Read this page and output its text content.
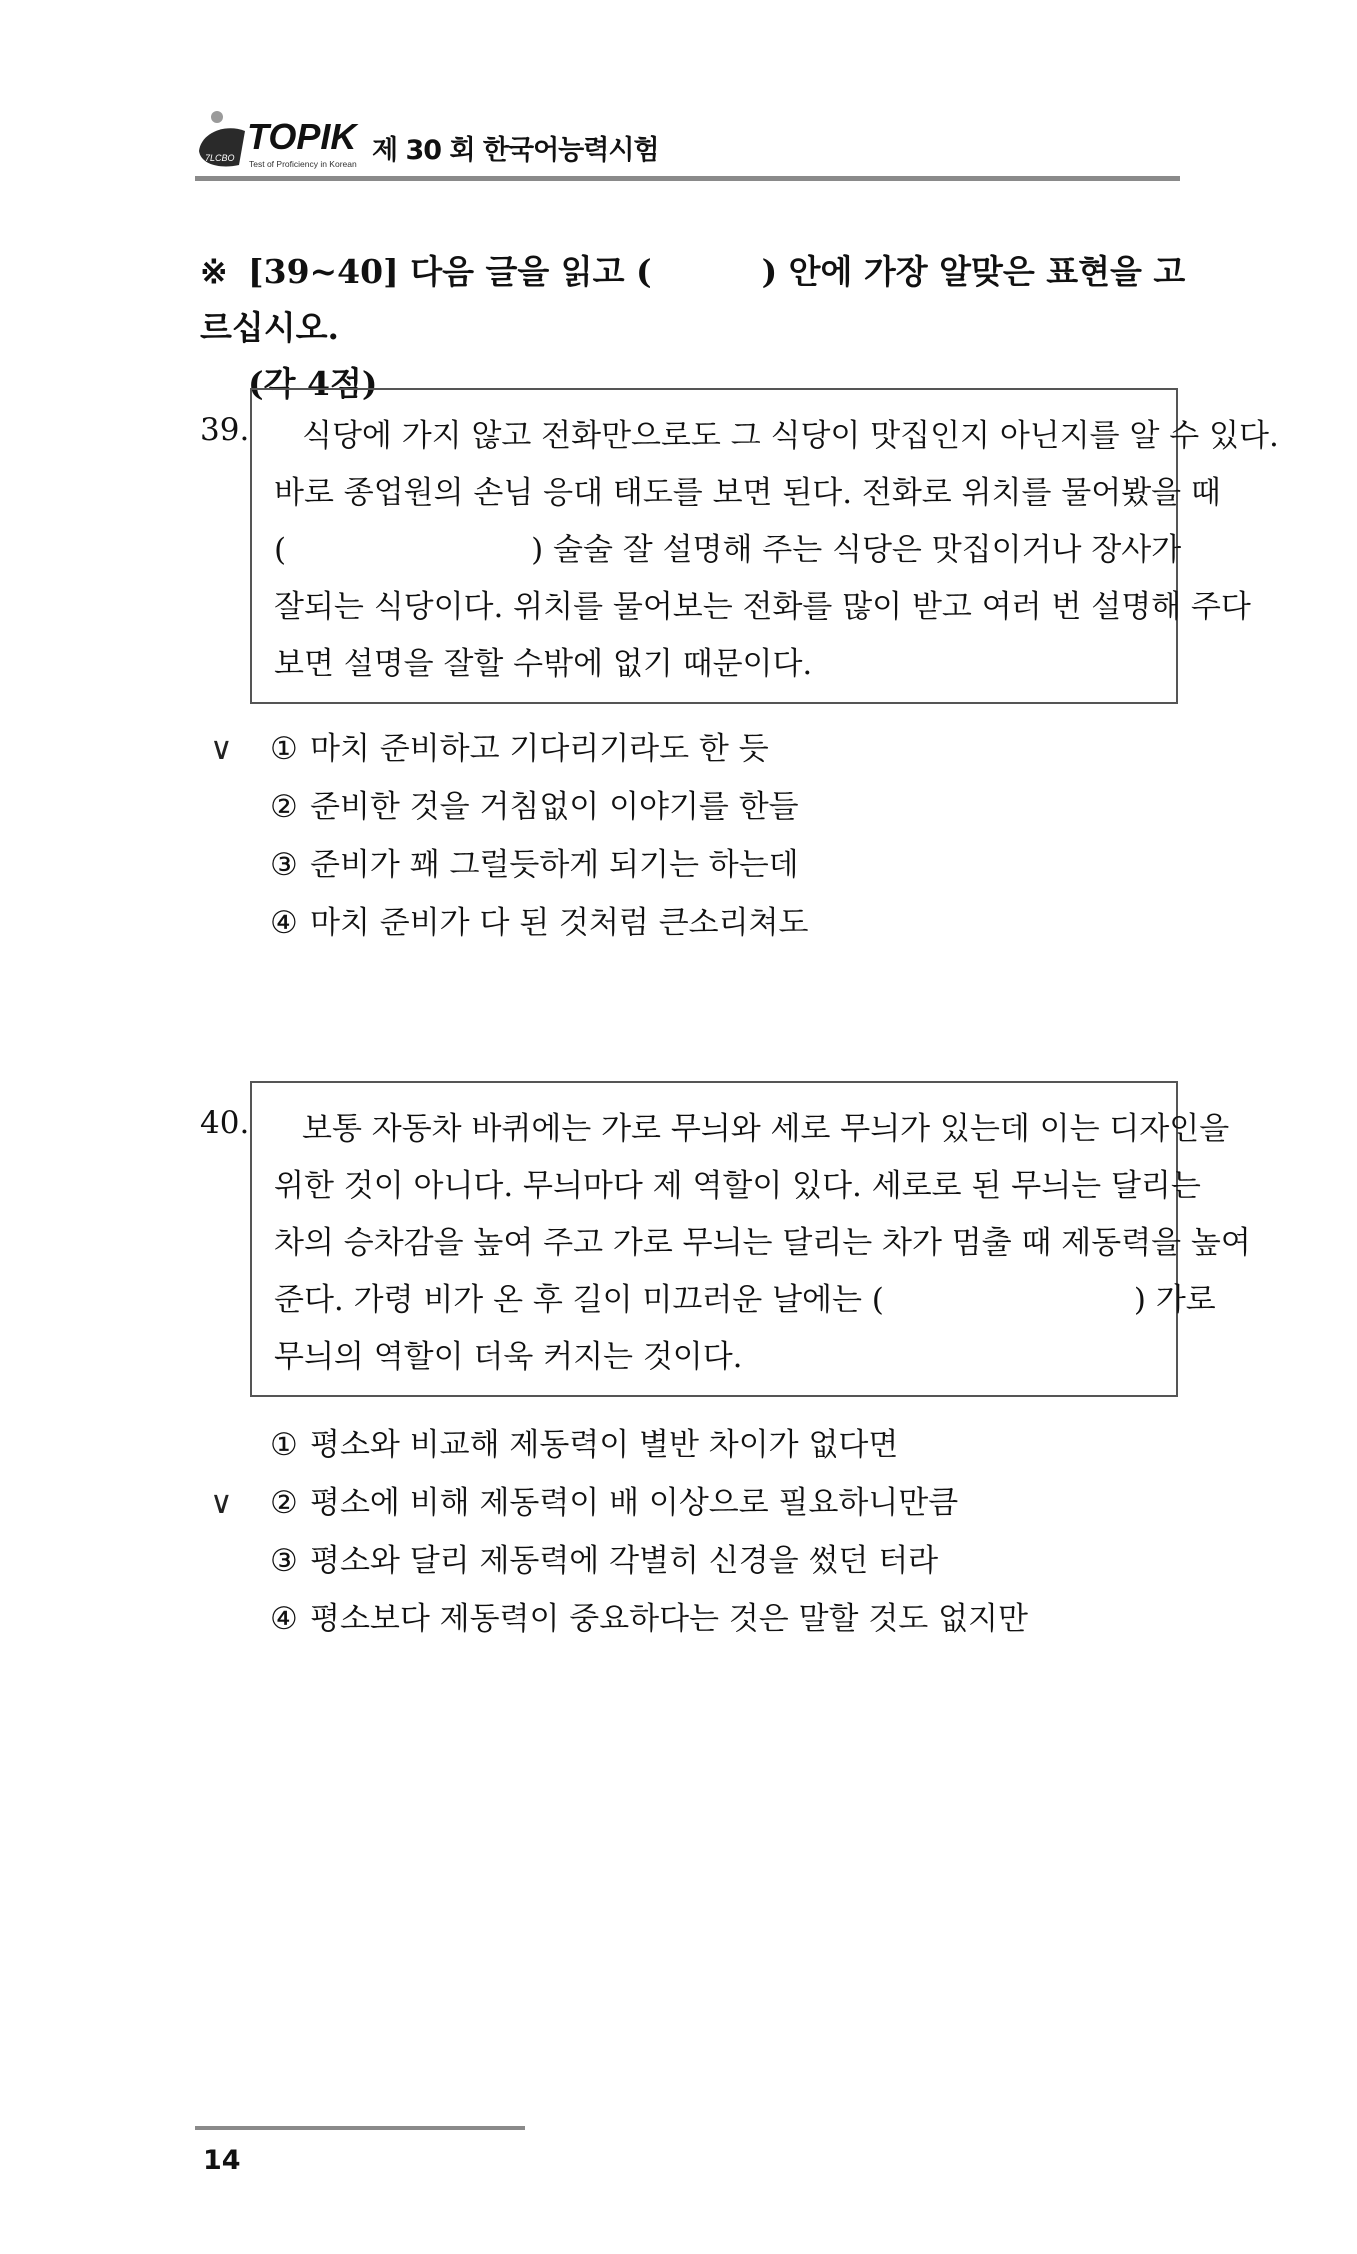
7LCBO
TOPIK
Test of Proficiency in Korean 제 30 회 한국어능력시험
※ [39~40] 다음 글을 읽고 (	) 안에 가장 알맞은 표현을 고르십시오.
(각 4점)
39.	식당에 가지 않고 전화만으로도 그 식당이 맛집인지 아닌지를 알 수 있다.
바로 종업원의 손님 응대 태도를 보면 된다. 전화로 위치를 물어봤을 때
(	) 술술 잘 설명해 주는 식당은 맛집이거나 장사가
잘되는 식당이다. 위치를 물어보는 전화를 많이 받고 여러 번 설명해 주다
보면 설명을 잘할 수밖에 없기 때문이다.
∨	① 마치 준비하고 기다리기라도 한 듯
② 준비한 것을 거침없이 이야기를 한들
③ 준비가 꽤 그럴듯하게 되기는 하는데
④ 마치 준비가 다 된 것처럼 큰소리쳐도
40.	보통 자동차 바퀴에는 가로 무늬와 세로 무늬가 있는데 이는 디자인을
위한 것이 아니다. 무늬마다 제 역할이 있다. 세로로 된 무늬는 달리는
차의 승차감을 높여 주고 가로 무늬는 달리는 차가 멈출 때 제동력을 높여
준다. 가령 비가 온 후 길이 미끄러운 날에는 (	) 가로
무늬의 역할이 더욱 커지는 것이다.
① 평소와 비교해 제동력이 별반 차이가 없다면
∨	② 평소에 비해 제동력이 배 이상으로 필요하니만큼
③ 평소와 달리 제동력에 각별히 신경을 썼던 터라
④ 평소보다 제동력이 중요하다는 것은 말할 것도 없지만
14
